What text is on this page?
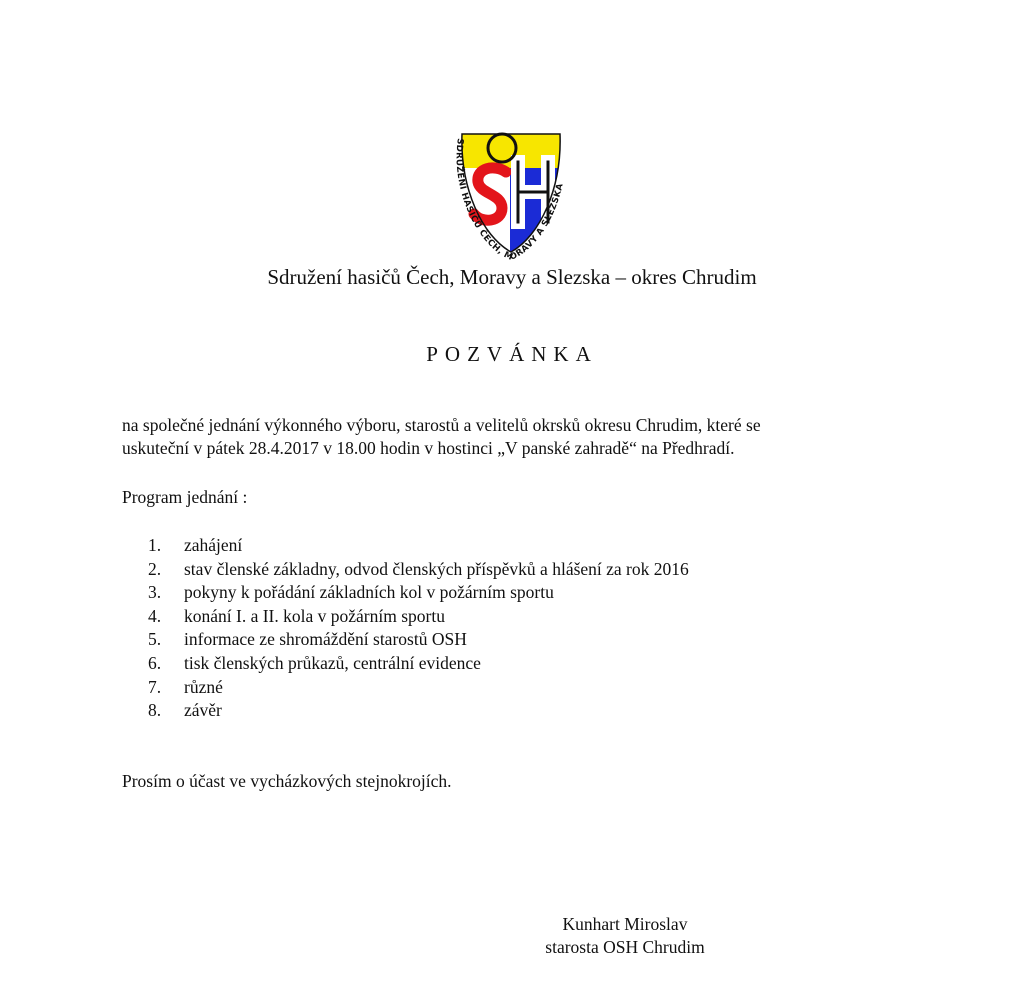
SDRUŽENÍ HASIČŮ ČECH, MORAVY A SLEZSKA
Sdružení hasičů Čech, Moravy a Slezska – okres Chrudim
POZVÁNKA
na společné jednání výkonného výboru, starostů a velitelů okrsků okresu Chrudim, které se
uskuteční v pátek 28.4.2017 v 18.00 hodin v hostinci „V panské zahradě“ na Předhradí.
Program jednání :
1.	zahájení
2.	stav členské základny, odvod členských příspěvků a hlášení za rok 2016
3.	pokyny k pořádání základních kol v požárním sportu
4.	konání I. a II. kola v požárním sportu
5.	informace ze shromáždění starostů OSH
6.	tisk členských průkazů, centrální evidence
7.	různé
8.	závěr
Prosím o účast ve vycházkových stejnokrojích.
Kunhart Miroslav
starosta OSH Chrudim
